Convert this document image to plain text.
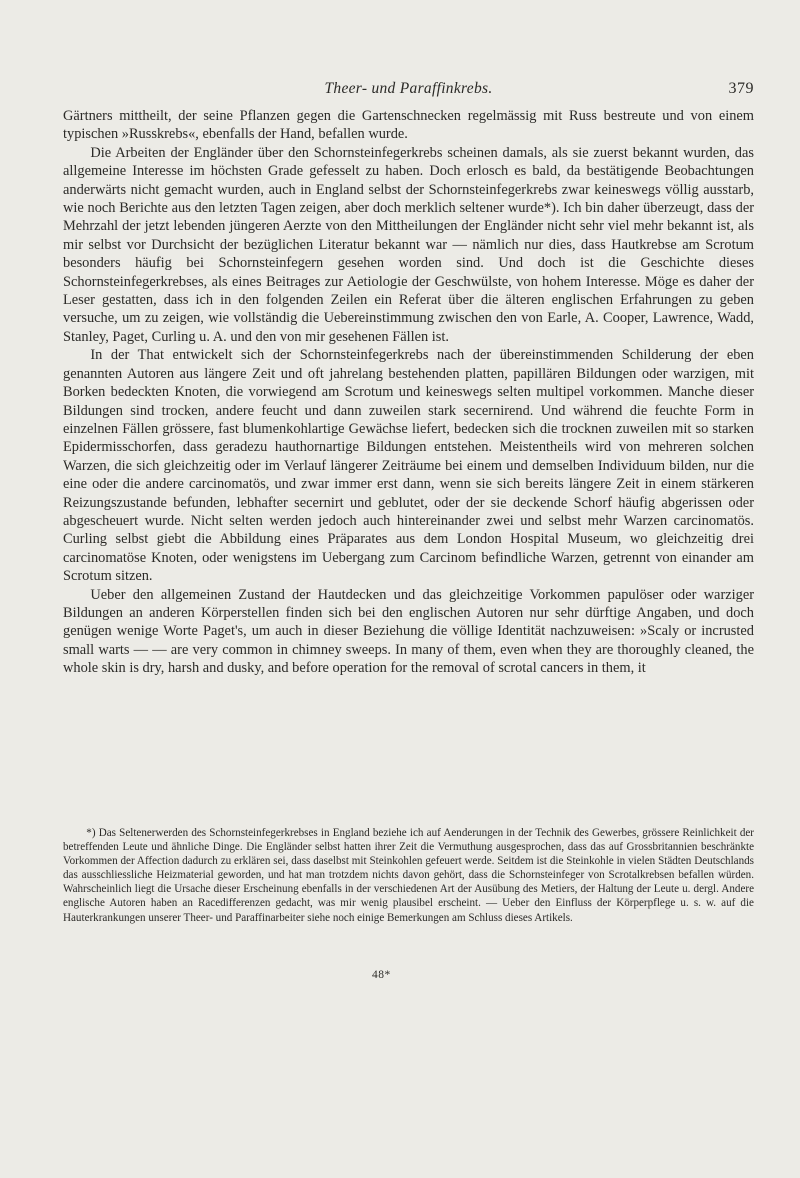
Theer- und Paraffinkrebs.	379

Gärtners mittheilt, der seine Pflanzen gegen die Gartenschnecken regelmässig mit Russ bestreute und von einem typischen »Russkrebs«, ebenfalls der Hand, befallen wurde.

Die Arbeiten der Engländer über den Schornsteinfegerkrebs scheinen damals, als sie zuerst bekannt wurden, das allgemeine Interesse im höchsten Grade gefesselt zu haben. Doch erlosch es bald, da bestätigende Beobachtungen anderwärts nicht gemacht wurden, auch in England selbst der Schornsteinfegerkrebs zwar keineswegs völlig ausstarb, wie noch Berichte aus den letzten Tagen zeigen, aber doch merklich seltener wurde*). Ich bin daher überzeugt, dass der Mehrzahl der jetzt lebenden jüngeren Aerzte von den Mittheilungen der Engländer nicht sehr viel mehr bekannt ist, als mir selbst vor Durchsicht der bezüglichen Literatur bekannt war — nämlich nur dies, dass Hautkrebse am Scrotum besonders häufig bei Schornsteinfegern gesehen worden sind. Und doch ist die Geschichte dieses Schornsteinfegerkrebses, als eines Beitrages zur Aetiologie der Geschwülste, von hohem Interesse. Möge es daher der Leser gestatten, dass ich in den folgenden Zeilen ein Referat über die älteren englischen Erfahrungen zu geben versuche, um zu zeigen, wie vollständig die Uebereinstimmung zwischen den von Earle, A. Cooper, Lawrence, Wadd, Stanley, Paget, Curling u. A. und den von mir gesehenen Fällen ist.

In der That entwickelt sich der Schornsteinfegerkrebs nach der übereinstimmenden Schilderung der eben genannten Autoren aus längere Zeit und oft jahrelang bestehenden platten, papillären Bildungen oder warzigen, mit Borken bedeckten Knoten, die vorwiegend am Scrotum und keineswegs selten multipel vorkommen. Manche dieser Bildungen sind trocken, andere feucht und dann zuweilen stark secernirend. Und während die feuchte Form in einzelnen Fällen grössere, fast blumenkohlartige Gewächse liefert, bedecken sich die trocknen zuweilen mit so starken Epidermisschorfen, dass geradezu hauthornartige Bildungen entstehen. Meistentheils wird von mehreren solchen Warzen, die sich gleichzeitig oder im Verlauf längerer Zeiträume bei einem und demselben Individuum bilden, nur die eine oder die andere carcinomatös, und zwar immer erst dann, wenn sie sich bereits längere Zeit in einem stärkeren Reizungszustande befunden, lebhafter secernirt und geblutet, oder der sie deckende Schorf häufig abgerissen oder abgescheuert wurde. Nicht selten werden jedoch auch hintereinander zwei und selbst mehr Warzen carcinomatös. Curling selbst giebt die Abbildung eines Präparates aus dem London Hospital Museum, wo gleichzeitig drei carcinomatöse Knoten, oder wenigstens im Uebergang zum Carcinom befindliche Warzen, getrennt von einander am Scrotum sitzen.

Ueber den allgemeinen Zustand der Hautdecken und das gleichzeitige Vorkommen papulöser oder warziger Bildungen an anderen Körperstellen finden sich bei den englischen Autoren nur sehr dürftige Angaben, und doch genügen wenige Worte Paget's, um auch in dieser Beziehung die völlige Identität nachzuweisen: »Scaly or incrusted small warts — — are very common in chimney sweeps. In many of them, even when they are thoroughly cleaned, the whole skin is dry, harsh and dusky, and before operation for the removal of scrotal cancers in them, it

*) Das Seltenerwerden des Schornsteinfegerkrebses in England beziehe ich auf Aenderungen in der Technik des Gewerbes, grössere Reinlichkeit der betreffenden Leute und ähnliche Dinge. Die Engländer selbst hatten ihrer Zeit die Vermuthung ausgesprochen, dass das auf Grossbritannien beschränkte Vorkommen der Affection dadurch zu erklären sei, dass daselbst mit Steinkohlen gefeuert werde. Seitdem ist die Steinkohle in vielen Städten Deutschlands das ausschliessliche Heizmaterial geworden, und hat man trotzdem nichts davon gehört, dass die Schornsteinfeger von Scrotalkrebsen befallen würden. Wahrscheinlich liegt die Ursache dieser Erscheinung ebenfalls in der verschiedenen Art der Ausübung des Metiers, der Haltung der Leute u. dergl. Andere englische Autoren haben an Racedifferenzen gedacht, was mir wenig plausibel erscheint. — Ueber den Einfluss der Körperpflege u. s. w. auf die Hauterkrankungen unserer Theer- und Paraffinarbeiter siehe noch einige Bemerkungen am Schluss dieses Artikels.

48*
